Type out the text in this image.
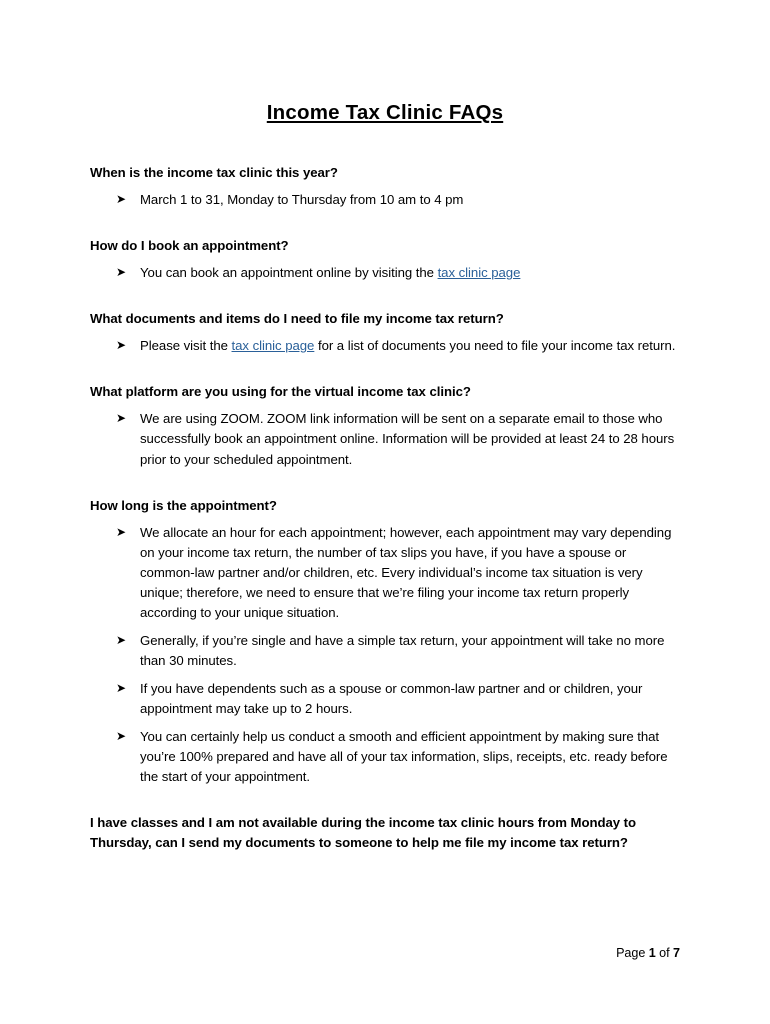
Income Tax Clinic FAQs

When is the income tax clinic this year?

➤ March 1 to 31, Monday to Thursday from 10 am to 4 pm

How do I book an appointment?

➤ You can book an appointment online by visiting the tax clinic page

What documents and items do I need to file my income tax return?

➤ Please visit the tax clinic page for a list of documents you need to file your income tax return.

What platform are you using for the virtual income tax clinic?

➤ We are using ZOOM. ZOOM link information will be sent on a separate email to those who successfully book an appointment online. Information will be provided at least 24 to 28 hours prior to your scheduled appointment.

How long is the appointment?

➤ We allocate an hour for each appointment; however, each appointment may vary depending on your income tax return, the number of tax slips you have, if you have a spouse or common-law partner and/or children, etc. Every individual’s income tax situation is very unique; therefore, we need to ensure that we’re filing your income tax return properly according to your unique situation.
➤ Generally, if you’re single and have a simple tax return, your appointment will take no more than 30 minutes.
➤ If you have dependents such as a spouse or common-law partner and or children, your appointment may take up to 2 hours.
➤ You can certainly help us conduct a smooth and efficient appointment by making sure that you’re 100% prepared and have all of your tax information, slips, receipts, etc. ready before the start of your appointment.

I have classes and I am not available during the income tax clinic hours from Monday to Thursday, can I send my documents to someone to help me file my income tax return?

Page 1 of 7
